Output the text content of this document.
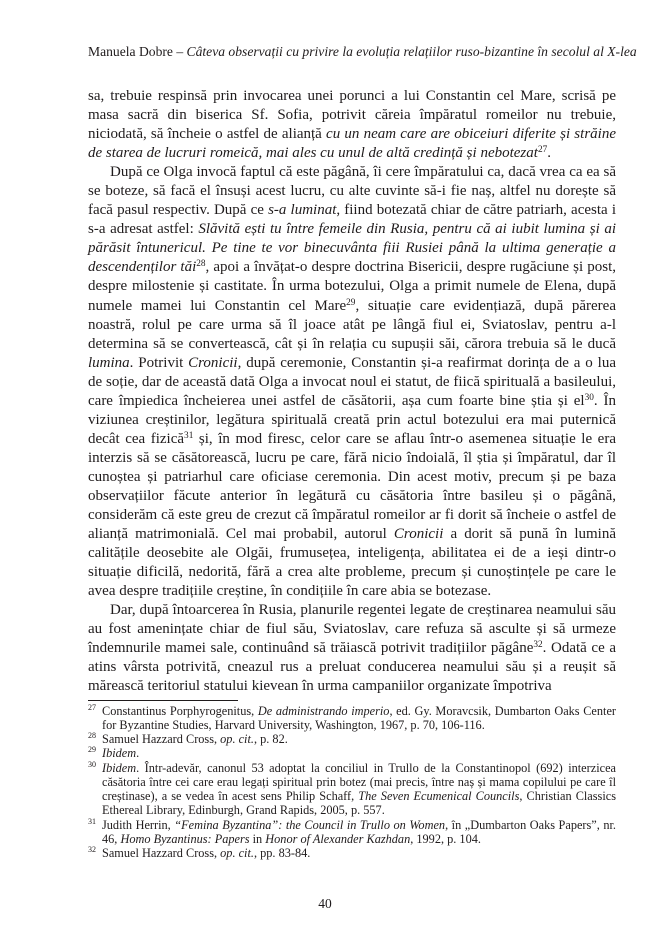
Manuela Dobre – Câteva observații cu privire la evoluția relațiilor ruso-bizantine în secolul al X-lea

sa, trebuie respinsă prin invocarea unei porunci a lui Constantin cel Mare, scrisă pe masa sacră din biserica Sf. Sofia, potrivit căreia împăratul romeilor nu trebuie, niciodată, să încheie o astfel de alianță cu un neam care are obiceiuri diferite și străine de starea de lucruri romeică, mai ales cu unul de altă credință și nebotezat$^{27}$.

După ce Olga invocă faptul că este păgână, îi cere împăratului ca, dacă vrea ca ea să se boteze, să facă el însuși acest lucru, cu alte cuvinte să-i fie naș, altfel nu dorește să facă pasul respectiv. După ce s-a luminat, fiind botezată chiar de către patriarh, acesta i s-a adresat astfel: Slăvită ești tu între femeile din Rusia, pentru că ai iubit lumina și ai părăsit întunericul. Pe tine te vor binecuvânta fiii Rusiei până la ultima generație a descendenților tăi$^{28}$, apoi a învățat-o despre doctrina Bisericii, despre rugăciune și post, despre milostenie și castitate. În urma botezului, Olga a primit numele de Elena, după numele mamei lui Constantin cel Mare$^{29}$, situație care evidențiază, după părerea noastră, rolul pe care urma să îl joace atât pe lângă fiul ei, Sviatoslav, pentru a-l determina să se convertească, cât și în relația cu supușii săi, cărora trebuia să le ducă lumina. Potrivit Cronicii, după ceremonie, Constantin și-a reafirmat dorința de a o lua de soție, dar de această dată Olga a invocat noul ei statut, de fiică spirituală a basileului, care împiedica încheierea unei astfel de căsătorii, așa cum foarte bine știa și el$^{30}$. În viziunea creștinilor, legătura spirituală creată prin actul botezului era mai puternică decât cea fizică$^{31}$ și, în mod firesc, celor care se aflau într-o asemenea situație le era interzis să se căsătorească, lucru pe care, fără nicio îndoială, îl știa și împăratul, dar îl cunoștea și patriarhul care oficiase ceremonia. Din acest motiv, precum și pe baza observațiilor făcute anterior în legătură cu căsătoria între basileu și o păgână, considerăm că este greu de crezut că împăratul romeilor ar fi dorit să încheie o astfel de alianță matrimonială. Cel mai probabil, autorul Cronicii a dorit să pună în lumină calitățile deosebite ale Olgăi, frumusețea, inteligența, abilitatea ei de a ieși dintr-o situație dificilă, nedorită, fără a crea alte probleme, precum și cunoștințele pe care le avea despre tradițiile creștine, în condițiile în care abia se botezase.

Dar, după întoarcerea în Rusia, planurile regentei legate de creștinarea neamului său au fost amenințate chiar de fiul său, Sviatoslav, care refuza să asculte și să urmeze îndemnurile mamei sale, continuând să trăiască potrivit tradițiilor păgâne$^{32}$. Odată ce a atins vârsta potrivită, cneazul rus a preluat conducerea neamului său și a reușit să mărească teritoriul statului kievean în urma campaniilor organizate împotriva

27 Constantinus Porphyrogenitus, De administrando imperio, ed. Gy. Moravcsik, Dumbarton Oaks Center for Byzantine Studies, Harvard University, Washington, 1967, p. 70, 106-116.
28 Samuel Hazzard Cross, op. cit., p. 82.
29 Ibidem.
30 Ibidem. Într-adevăr, canonul 53 adoptat la conciliul in Trullo de la Constantinopol (692) interzicea căsătoria între cei care erau legați spiritual prin botez (mai precis, între naș și mama copilului pe care îl creștinase), a se vedea în acest sens Philip Schaff, The Seven Ecumenical Councils, Christian Classics Ethereal Library, Edinburgh, Grand Rapids, 2005, p. 557.
31 Judith Herrin, “Femina Byzantina”: the Council in Trullo on Women, în „Dumbarton Oaks Papers”, nr. 46, Homo Byzantinus: Papers in Honor of Alexander Kazhdan, 1992, p. 104.
32 Samuel Hazzard Cross, op. cit., pp. 83-84.
40
